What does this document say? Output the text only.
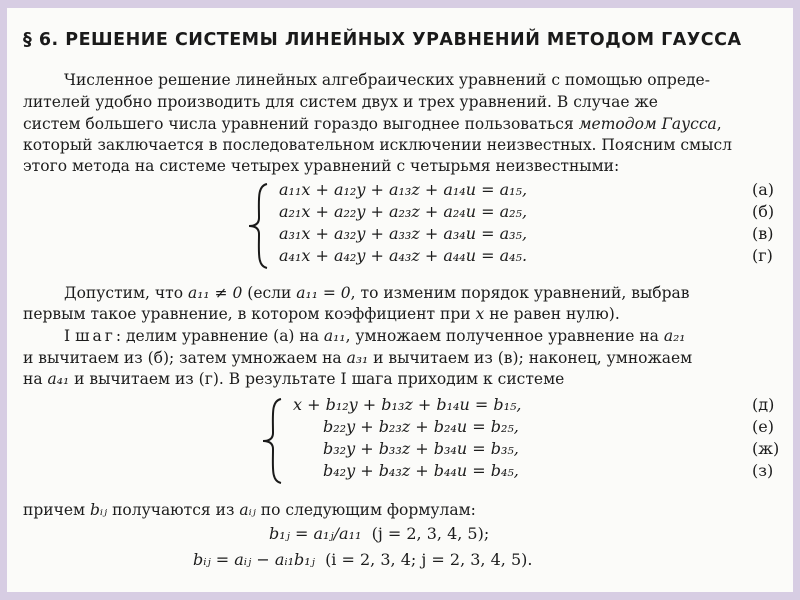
§ 6. РЕШЕНИЕ СИСТЕМЫ ЛИНЕЙНЫХ УРАВНЕНИЙ МЕТОДОМ ГАУССА
Численное решение линейных алгебраических уравнений с помощью опреде-
лителей удобно производить для систем двух и трех уравнений. В случае же
систем большего числа уравнений гораздо выгоднее пользоваться методом Гаусса,
который заключается в последовательном исключении неизвестных. Поясним смысл
этого метода на системе четырех уравнений с четырьмя неизвестными:
a₁₁x + a₁₂y + a₁₃z + a₁₄u = a₁₅,
a₂₁x + a₂₂y + a₂₃z + a₂₄u = a₂₅,
a₃₁x + a₃₂y + a₃₃z + a₃₄u = a₃₅,
a₄₁x + a₄₂y + a₄₃z + a₄₄u = a₄₅.
(а)
(б)
(в)
(г)
Допустим, что a₁₁ ≠ 0 (если a₁₁ = 0, то изменим порядок уравнений, выбрав
первым такое уравнение, в котором коэффициент при x не равен нулю).
I шаг: делим уравнение (а) на a₁₁, умножаем полученное уравнение на a₂₁
и вычитаем из (б); затем умножаем на a₃₁ и вычитаем из (в); наконец, умножаем
на a₄₁ и вычитаем из (г). В результате I шага приходим к системе
x + b₁₂y + b₁₃z + b₁₄u = b₁₅,
b₂₂y + b₂₃z + b₂₄u = b₂₅,
b₃₂y + b₃₃z + b₃₄u = b₃₅,
b₄₂y + b₄₃z + b₄₄u = b₄₅,
(д)
(е)
(ж)
(з)
причем bᵢⱼ получаются из aᵢⱼ по следующим формулам:
b₁ⱼ = a₁ⱼ/a₁₁ (j = 2, 3, 4, 5);
bᵢⱼ = aᵢⱼ − aᵢ₁b₁ⱼ (i = 2, 3, 4; j = 2, 3, 4, 5).
